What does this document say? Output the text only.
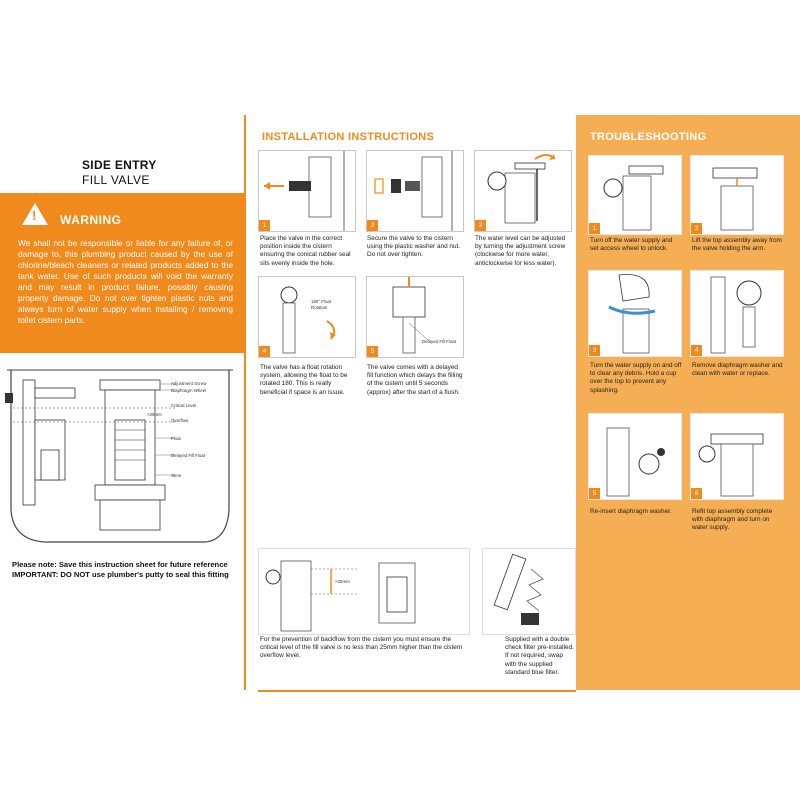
SIDE ENTRY
FILL VALVE
! WARNING
We shall not be responsible or liable for any failure of, or damage to, this plumbing product caused by the use of chlorine/bleach cleaners or related products added to the tank water. Use of such products will void the warranty and may result in product failure, possibly causing property damage. Do not over tighten plastic nuts and always turn of water supply when installing / removing toilet cistern parts.
Adjustment Screw
Diaphragm Wheel
Critical Level
>25mm
Overflow
Float
Delayed Fill Float
Stem
Please note: Save this instruction sheet for future reference
IMPORTANT: DO NOT use plumber's putty to seal this fitting
INSTALLATION INSTRUCTIONS
1
Place the valve in the correct position inside the cistern ensuring the conical rubber seal sits evenly inside the hole.
2
Secure the valve to the cistern using the plastic washer and nut. Do not over tighten.
3
The water level can be adjusted by turning the adjustment screw (clockwise for more water, anticlockwise for less water).
180° Float
Rotation
4
The valve has a float rotation system, allowing the float to be rotated 180. This is really beneficial if space is an issue.
Delayed Fill Float
5
The valve comes with a delayed fill function which delays the filling of the cistern until 5 seconds (approx) after the start of a flush.
>25mm
For the prevention of backflow from the cistern you must ensure the critical level of the fill valve is no less than 25mm higher than the cistern overflow level.
Supplied with a double check filter pre-installed. If not required, swap with the supplied standard blue filter.
TROUBLESHOOTING
1
Turn off the water supply and set access wheel to unlock.
2
Lift the top assembly away from the valve holding the arm.
3
Turn the water supply on and off to clear any debris. Hold a cup over the top to prevent any splashing.
4
Remove diaphragm washer and clean with water or replace.
5
Re-insert diaphragm washer.
6
Refit top assembly complete with diaphragm and turn on water supply.
